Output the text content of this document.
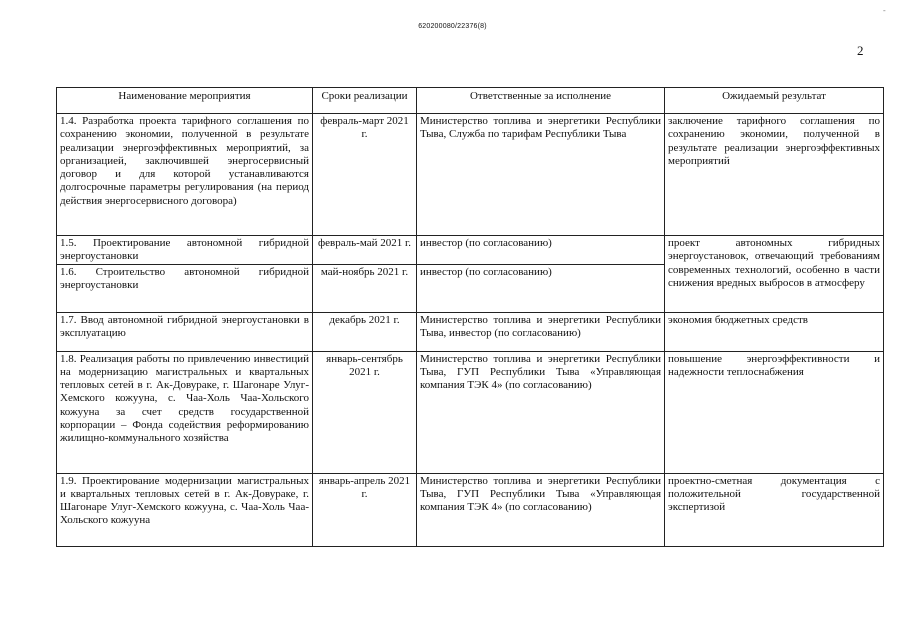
-
620200080/22376(8)
2
Наименование мероприятия	Сроки реализации	Ответственные за исполнение	Ожидаемый результат
1.4. Разработка проекта тарифного соглашения по сохранению экономии, полученной в результате реализации энергоэффективных мероприятий, за организацией, заключившей энергосервисный договор и для которой устанавливаются долгосрочные параметры регулирования (на период действия энергосервисного договора)	февраль-март 2021 г.	Министерство топлива и энергетики Республики Тыва, Служба по тарифам Республики Тыва	заключение тарифного соглашения по сохранению экономии, полученной в результате реализации энергоэффективных мероприятий
1.5. Проектирование автономной гибридной энергоустановки	февраль-май 2021 г.	инвестор (по согласованию)	проект автономных гибридных энергоустановок, отвечающий требованиям современных технологий, особенно в части снижения вредных выбросов в атмосферу
1.6. Строительство автономной гибридной энергоустановки	май-ноябрь 2021 г.	инвестор (по согласованию)	
1.7. Ввод автономной гибридной энергоустановки в эксплуатацию	декабрь 2021 г.	Министерство топлива и энергетики Республики Тыва, инвестор (по согласованию)	экономия бюджетных средств
1.8. Реализация работы по привлечению инвестиций на модернизацию магистральных и квартальных тепловых сетей в г. Ак-Довураке, г. Шагонаре Улуг-Хемского кожууна, с. Чаа-Холь Чаа-Хольского кожууна за счет средств государственной корпорации – Фонда содействия реформированию жилищно-коммунального хозяйства	январь-сентябрь 2021 г.	Министерство топлива и энергетики Республики Тыва, ГУП Республики Тыва «Управляющая компания ТЭК 4» (по согласованию)	повышение энергоэффективности и надежности теплоснабжения
1.9. Проектирование модернизации магистральных и квартальных тепловых сетей в г. Ак-Довураке, г. Шагонаре Улуг-Хемского кожууна, с. Чаа-Холь Чаа-Хольского кожууна	январь-апрель 2021 г.	Министерство топлива и энергетики Республики Тыва, ГУП Республики Тыва «Управляющая компания ТЭК 4» (по согласованию)	проектно-сметная документация с положительной государственной экспертизой
